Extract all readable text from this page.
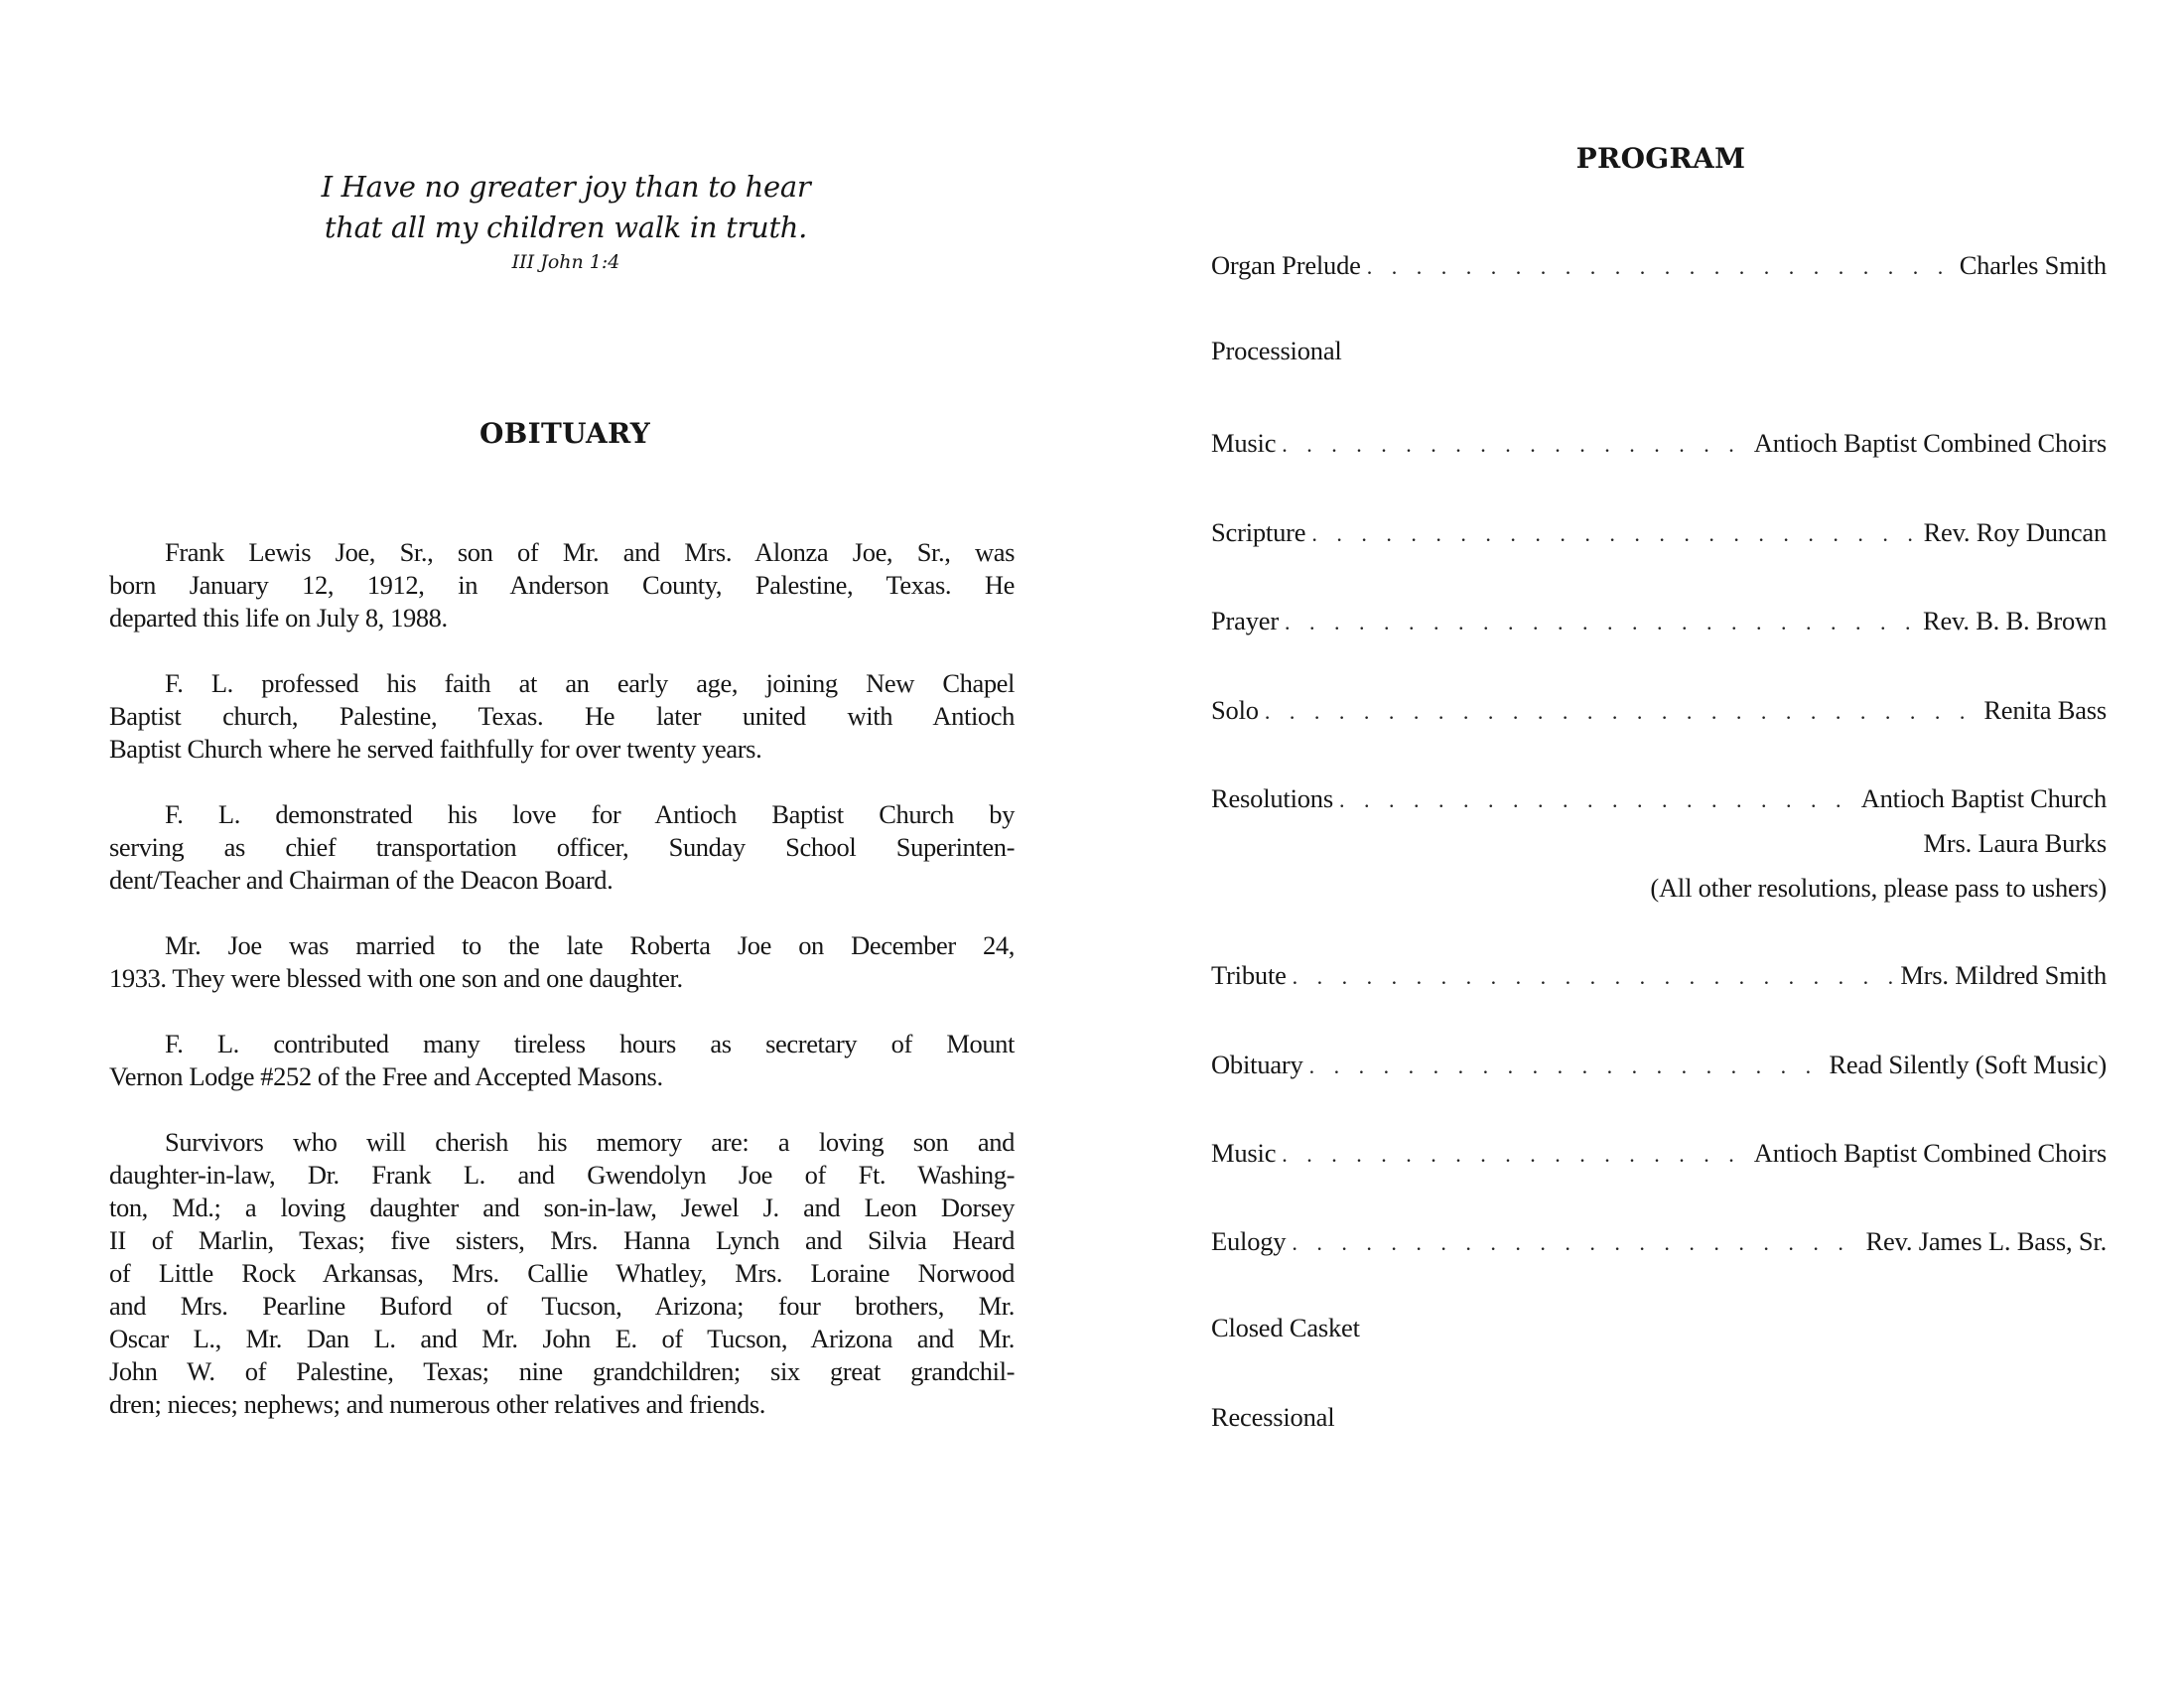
I Have no greater joy than to hear
that all my children walk in truth.
III John 1:4
OBITUARY
Frank Lewis Joe, Sr., son of Mr. and Mrs. Alonza Joe, Sr., was
born January 12, 1912, in Anderson County, Palestine, Texas. He
departed this life on July 8, 1988.
F. L. professed his faith at an early age, joining New Chapel
Baptist church, Palestine, Texas. He later united with Antioch
Baptist Church where he served faithfully for over twenty years.
F. L. demonstrated his love for Antioch Baptist Church by
serving as chief transportation officer, Sunday School Superinten-
dent/Teacher and Chairman of the Deacon Board.
Mr. Joe was married to the late Roberta Joe on December 24,
1933. They were blessed with one son and one daughter.
F. L. contributed many tireless hours as secretary of Mount
Vernon Lodge #252 of the Free and Accepted Masons.
Survivors who will cherish his memory are: a loving son and
daughter-in-law, Dr. Frank L. and Gwendolyn Joe of Ft. Washing-
ton, Md.; a loving daughter and son-in-law, Jewel J. and Leon Dorsey
II of Marlin, Texas; five sisters, Mrs. Hanna Lynch and Silvia Heard
of Little Rock Arkansas, Mrs. Callie Whatley, Mrs. Loraine Norwood
and Mrs. Pearline Buford of Tucson, Arizona; four brothers, Mr.
Oscar L., Mr. Dan L. and Mr. John E. of Tucson, Arizona and Mr.
John W. of Palestine, Texas; nine grandchildren; six great grandchil-
dren; nieces; nephews; and numerous other relatives and friends.
PROGRAM
Organ Prelude . . .	Charles Smith
Processional
Music . . .	Antioch Baptist Combined Choirs
Scripture . . .	Rev. Roy Duncan
Prayer . . .	Rev. B. B. Brown
Solo . . .	Renita Bass
Resolutions . . .	Antioch Baptist Church
Mrs. Laura Burks
(All other resolutions, please pass to ushers)
Tribute . . .	Mrs. Mildred Smith
Obituary . . .	Read Silently (Soft Music)
Music . . .	Antioch Baptist Combined Choirs
Eulogy . . .	Rev. James L. Bass, Sr.
Closed Casket
Recessional
